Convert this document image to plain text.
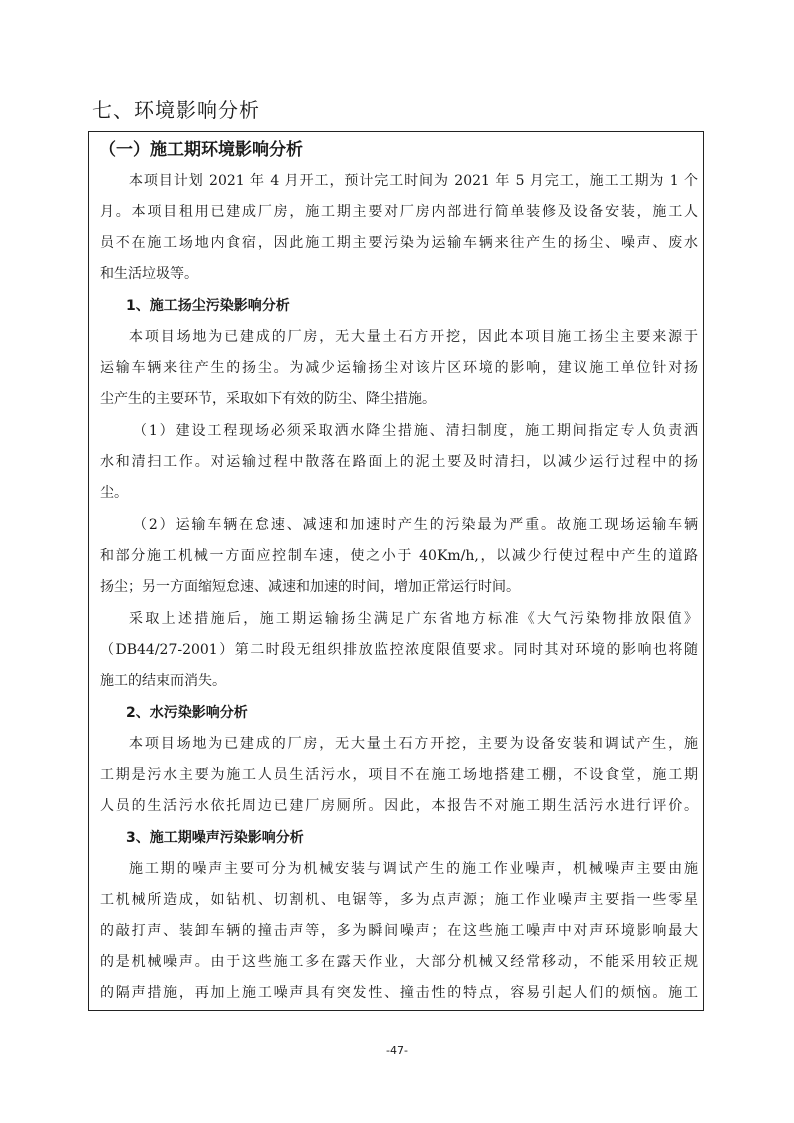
七、环境影响分析
（一）施工期环境影响分析
本项目计划 2021 年 4 月开工，预计完工时间为 2021 年 5 月完工，施工工期为 1 个
月。本项目租用已建成厂房，施工期主要对厂房内部进行简单装修及设备安装，施工人
员不在施工场地内食宿，因此施工期主要污染为运输车辆来往产生的扬尘、噪声、废水
和生活垃圾等。
1、施工扬尘污染影响分析
本项目场地为已建成的厂房，无大量土石方开挖，因此本项目施工扬尘主要来源于
运输车辆来往产生的扬尘。为减少运输扬尘对该片区环境的影响，建议施工单位针对扬
尘产生的主要环节，采取如下有效的防尘、降尘措施。
（1）建设工程现场必须采取洒水降尘措施、清扫制度，施工期间指定专人负责洒
水和清扫工作。对运输过程中散落在路面上的泥土要及时清扫，以减少运行过程中的扬
尘。
（2）运输车辆在怠速、减速和加速时产生的污染最为严重。故施工现场运输车辆
和部分施工机械一方面应控制车速，使之小于 40Km/h,，以减少行使过程中产生的道路
扬尘；另一方面缩短怠速、减速和加速的时间，增加正常运行时间。
采取上述措施后，施工期运输扬尘满足广东省地方标准《大气污染物排放限值》
（DB44/27-2001）第二时段无组织排放监控浓度限值要求。同时其对环境的影响也将随
施工的结束而消失。
2、水污染影响分析
本项目场地为已建成的厂房，无大量土石方开挖，主要为设备安装和调试产生，施
工期是污水主要为施工人员生活污水，项目不在施工场地搭建工棚，不设食堂，施工期
人员的生活污水依托周边已建厂房厕所。因此，本报告不对施工期生活污水进行评价。
3、施工期噪声污染影响分析
施工期的噪声主要可分为机械安装与调试产生的施工作业噪声，机械噪声主要由施
工机械所造成，如钻机、切割机、电锯等，多为点声源；施工作业噪声主要指一些零星
的敲打声、装卸车辆的撞击声等，多为瞬间噪声；在这些施工噪声中对声环境影响最大
的是机械噪声。由于这些施工多在露天作业，大部分机械又经常移动，不能采用较正规
的隔声措施，再加上施工噪声具有突发性、撞击性的特点，容易引起人们的烦恼。施工
-47-
